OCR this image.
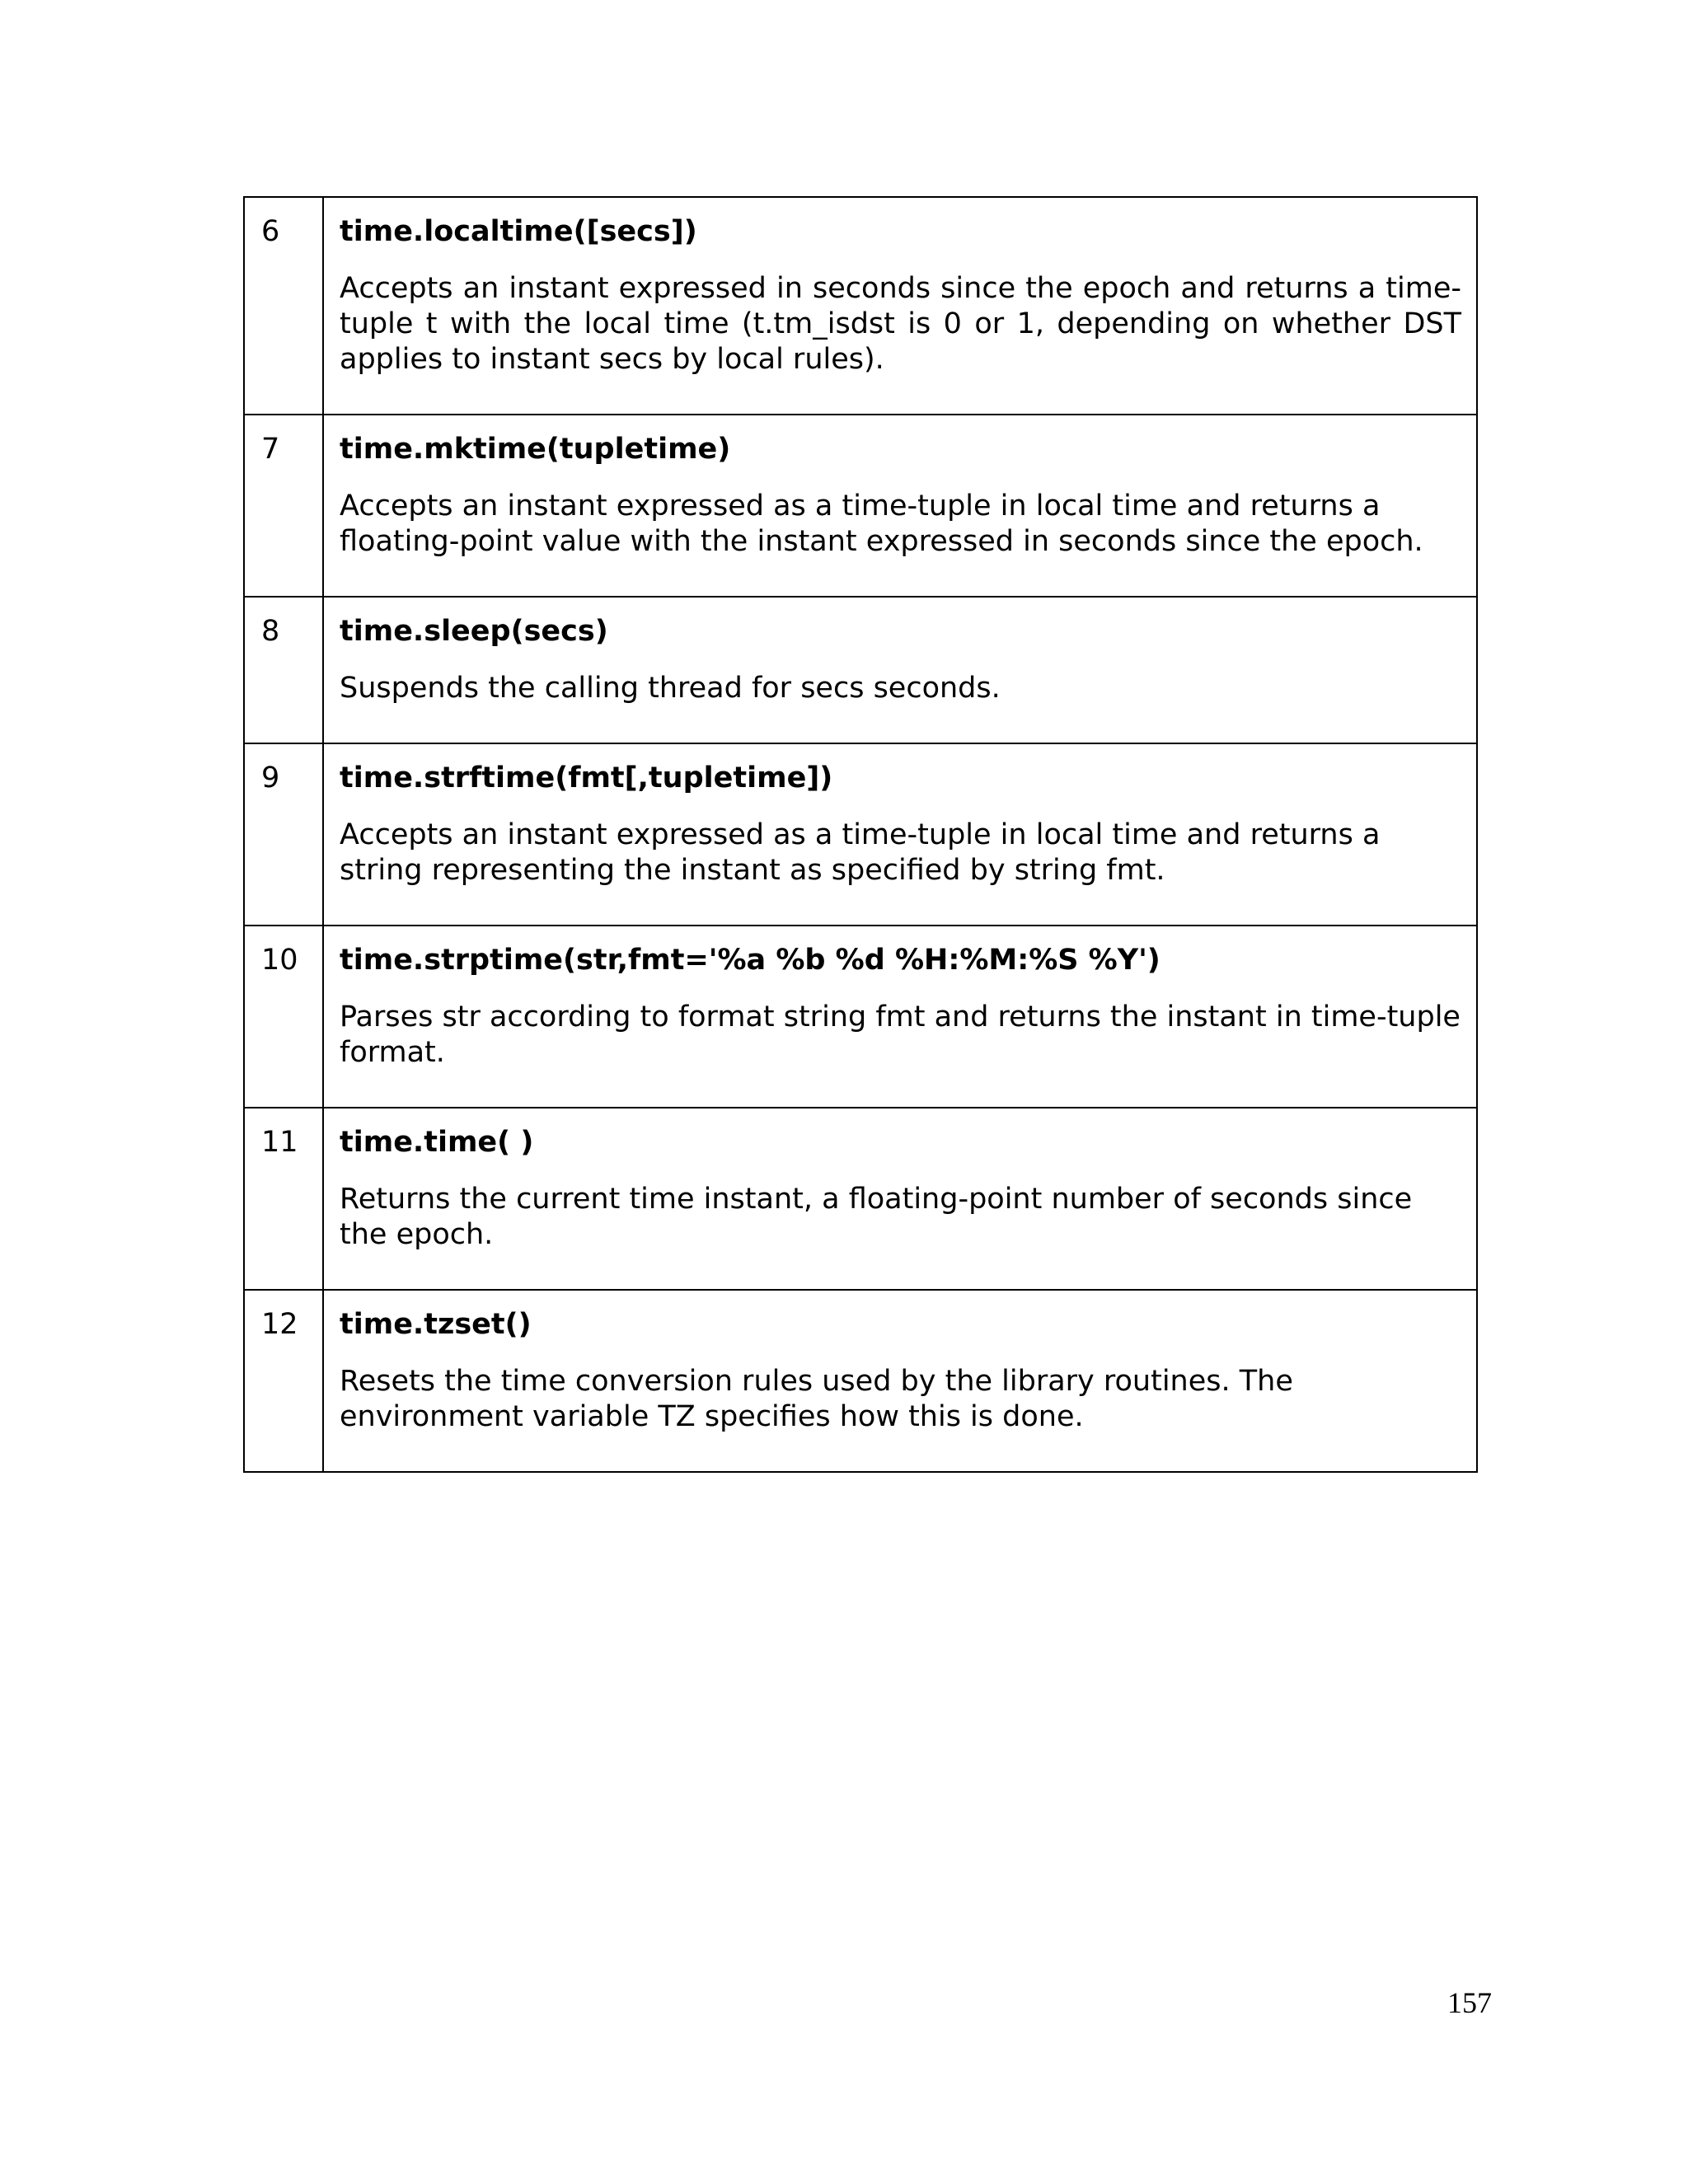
6	time.localtime([secs])

Accepts an instant expressed in seconds since the epoch and returns a time-tuple t with the local time (t.tm_isdst is 0 or 1, depending on whether DST applies to instant secs by local rules).

7	time.mktime(tupletime)

Accepts an instant expressed as a time-tuple in local time and returns a floating-point value with the instant expressed in seconds since the epoch.

8	time.sleep(secs)

Suspends the calling thread for secs seconds.

9	time.strftime(fmt[,tupletime])

Accepts an instant expressed as a time-tuple in local time and returns a string representing the instant as specified by string fmt.

10	time.strptime(str,fmt='%a %b %d %H:%M:%S %Y')

Parses str according to format string fmt and returns the instant in time-tuple format.

11	time.time( )

Returns the current time instant, a floating-point number of seconds since the epoch.

12	time.tzset()

Resets the time conversion rules used by the library routines. The environment variable TZ specifies how this is done.

157
